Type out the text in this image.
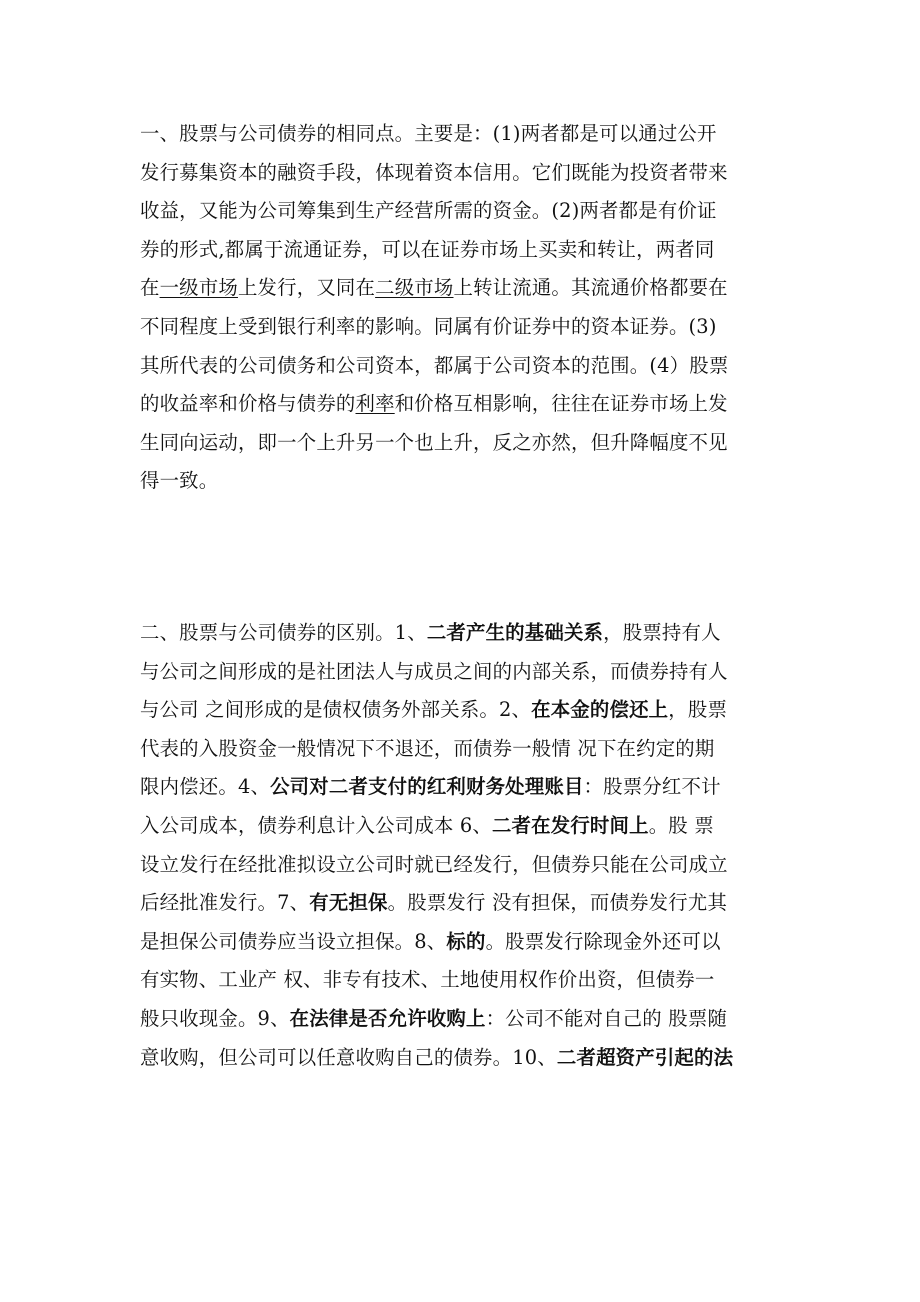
一、股票与公司债券的相同点。主要是：(1)两者都是可以通过公开
发行募集资本的融资手段，体现着资本信用。它们既能为投资者带来
收益，又能为公司筹集到生产经营所需的资金。(2)两者都是有价证
券的形式,都属于流通证券，可以在证券市场上买卖和转让，两者同
在一级市场上发行，又同在二级市场上转让流通。其流通价格都要在
不同程度上受到银行利率的影响。同属有价证券中的资本证券。(3)
其所代表的公司债务和公司资本，都属于公司资本的范围。(4）股票
的收益率和价格与债券的利率和价格互相影响，往往在证券市场上发
生同向运动，即一个上升另一个也上升，反之亦然，但升降幅度不见
得一致。
二、股票与公司债券的区别。1、二者产生的基础关系，股票持有人
与公司之间形成的是社团法人与成员之间的内部关系，而债券持有人
与公司 之间形成的是债权债务外部关系。2、在本金的偿还上，股票
代表的入股资金一般情况下不退还，而债券一般情 况下在约定的期
限内偿还。4、公司对二者支付的红利财务处理账目：股票分红不计
入公司成本，债券利息计入公司成本 6、二者在发行时间上。股 票
设立发行在经批准拟设立公司时就已经发行，但债券只能在公司成立
后经批准发行。7、有无担保。股票发行 没有担保，而债券发行尤其
是担保公司债券应当设立担保。8、标的。股票发行除现金外还可以
有实物、工业产 权、非专有技术、土地使用权作价出资，但债券一
般只收现金。9、在法律是否允许收购上：公司不能对自己的 股票随
意收购，但公司可以任意收购自己的债券。10、二者超资产引起的法
